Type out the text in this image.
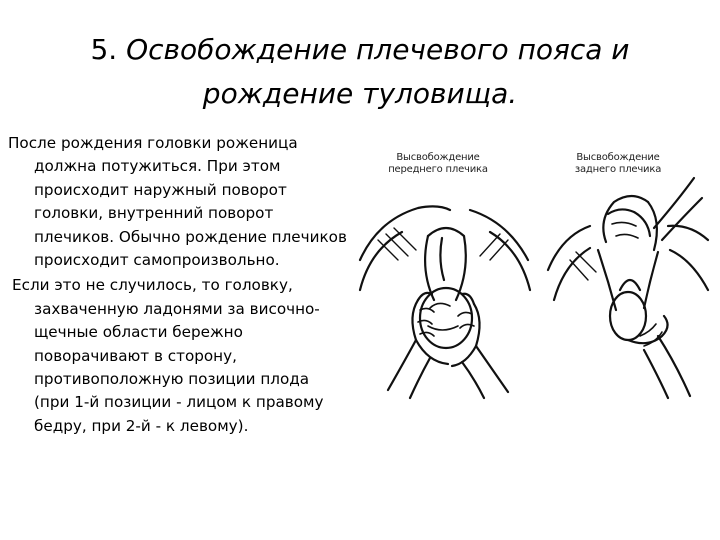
5. Освобождение плечевого пояса и
рождение туловища.

После рождения головки роженица должна потужиться. При этом происходит наружный поворот головки, внутренний поворот плечиков. Обычно рождение плечиков происходит самопроизвольно.

Если это не случилось, то головку, захваченную ладонями за височно-щечные области бережно поворачивают в сторону, противоположную позиции плода (при 1-й позиции - лицом к правому бедру, при 2-й - к левому).

Высвобождение
переднего плечика
Высвобождение
заднего плечика
